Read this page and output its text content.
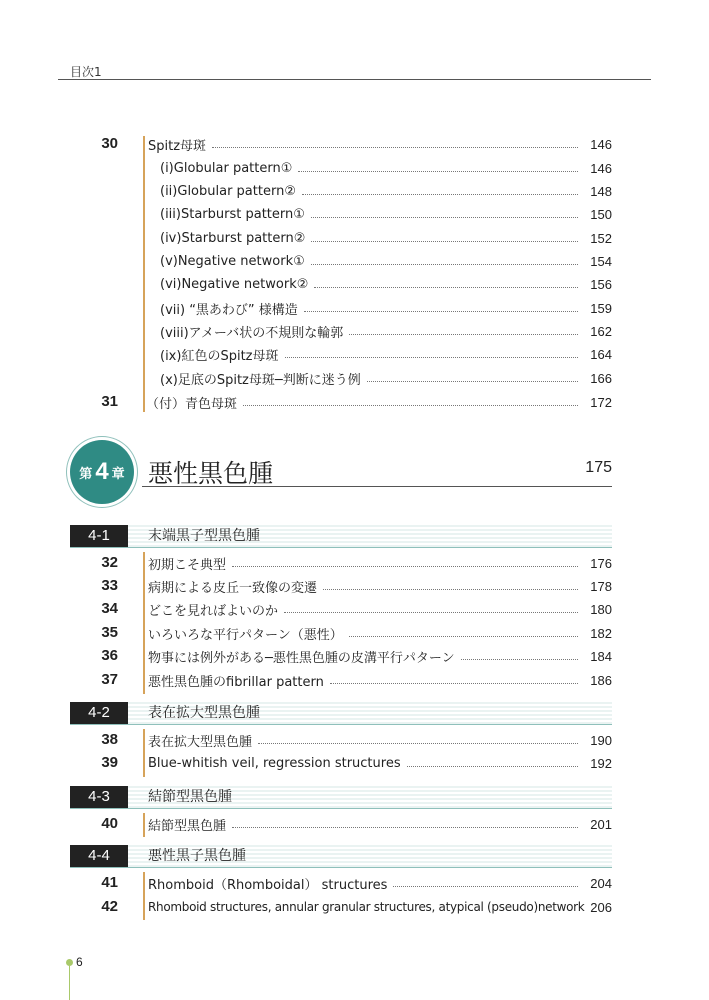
目次1
30 Spitz母斑	146
(i)Globular pattern①	146
(ii)Globular pattern②	148
(iii)Starburst pattern①	150
(iv)Starburst pattern②	152
(v)Negative network①	154
(vi)Negative network②	156
(vii) “黒あわび” 様構造	159
(viii)アメーバ状の不規則な輪郭	162
(ix)紅色のSpitz母斑	164
(x)足底のSpitz母斑─判断に迷う例	166
31 （付）青色母斑	172
第 4 章 悪性黒色腫	175
4-1	末端黒子型黒色腫
32 初期こそ典型	176
33 病期による皮丘一致像の変遷	178
34 どこを見ればよいのか	180
35 いろいろな平行パターン（悪性）	182
36 物事には例外がある─悪性黒色腫の皮溝平行パターン	184
37 悪性黒色腫のfibrillar pattern	186
4-2	表在拡大型黒色腫
38 表在拡大型黒色腫	190
39 Blue-whitish veil, regression structures	192
4-3	結節型黒色腫
40 結節型黒色腫	201
4-4	悪性黒子黒色腫
41 Rhomboid（Rhomboidal） structures	204
42	Rhomboid structures, annular granular structures, atypical (pseudo)network 206
6
